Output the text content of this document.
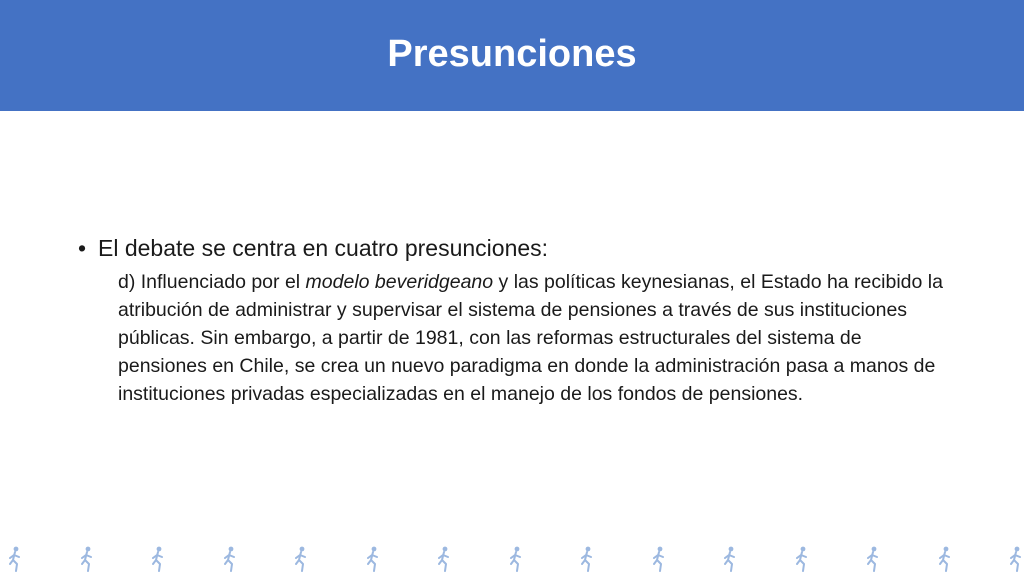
Presunciones

• El debate se centra en cuatro presunciones:

d) Influenciado por el modelo beveridgeano y las políticas keynesianas, el Estado ha recibido la atribución de administrar y supervisar el sistema de pensiones a través de sus instituciones públicas. Sin embargo, a partir de 1981, con las reformas estructurales del sistema de pensiones en Chile, se crea un nuevo paradigma en donde la administración pasa a manos de instituciones privadas especializadas en el manejo de los fondos de pensiones.
